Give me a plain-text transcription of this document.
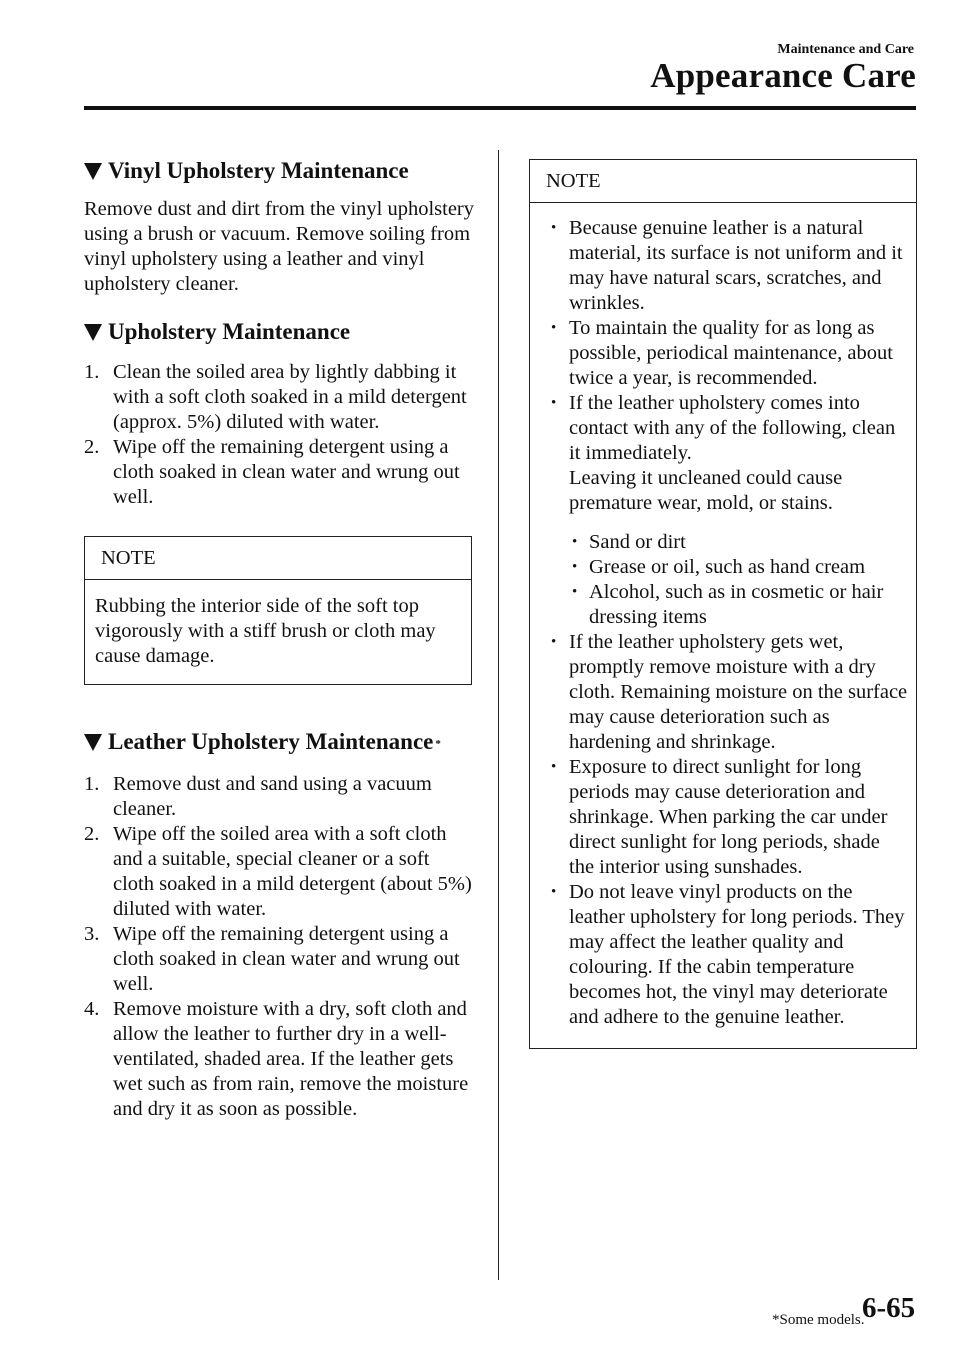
Maintenance and Care
Appearance Care
Vinyl Upholstery Maintenance

Remove dust and dirt from the vinyl upholstery using a brush or vacuum. Remove soiling from vinyl upholstery using a leather and vinyl upholstery cleaner.

Upholstery Maintenance
1. Clean the soiled area by lightly dabbing it with a soft cloth soaked in a mild detergent (approx. 5%) diluted with water.
2. Wipe off the remaining detergent using a cloth soaked in clean water and wrung out well.
NOTE
Rubbing the interior side of the soft top vigorously with a stiff brush or cloth may cause damage.
Leather Upholstery Maintenance *
1. Remove dust and sand using a vacuum cleaner.
2. Wipe off the soiled area with a soft cloth and a suitable, special cleaner or a soft cloth soaked in a mild detergent (about 5%) diluted with water.
3. Wipe off the remaining detergent using a cloth soaked in clean water and wrung out well.
4. Remove moisture with a dry, soft cloth and allow the leather to further dry in a well-ventilated, shaded area. If the leather gets wet such as from rain, remove the moisture and dry it as soon as possible.
NOTE
• Because genuine leather is a natural material, its surface is not uniform and it may have natural scars, scratches, and wrinkles.
• To maintain the quality for as long as possible, periodical maintenance, about twice a year, is recommended.
• If the leather upholstery comes into contact with any of the following, clean it immediately.
Leaving it uncleaned could cause premature wear, mold, or stains.
• Sand or dirt
• Grease or oil, such as hand cream
• Alcohol, such as in cosmetic or hair dressing items
• If the leather upholstery gets wet, promptly remove moisture with a dry cloth. Remaining moisture on the surface may cause deterioration such as hardening and shrinkage.
• Exposure to direct sunlight for long periods may cause deterioration and shrinkage. When parking the car under direct sunlight for long periods, shade the interior using sunshades.
• Do not leave vinyl products on the leather upholstery for long periods. They may affect the leather quality and colouring. If the cabin temperature becomes hot, the vinyl may deteriorate and adhere to the genuine leather.
*Some models.
6-65
